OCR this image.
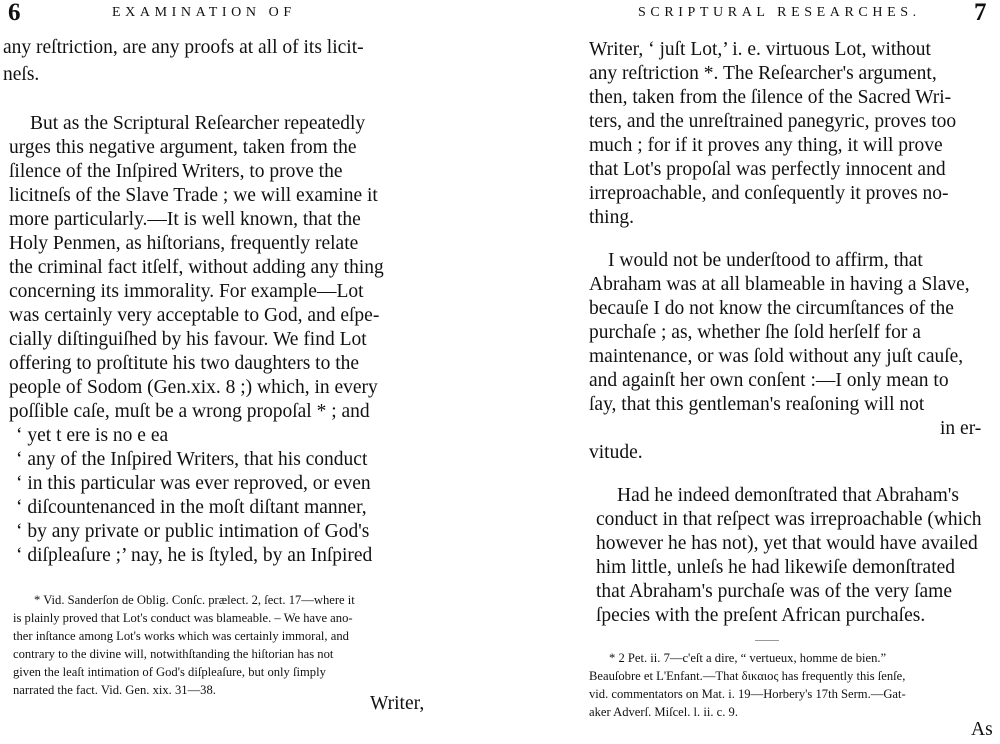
6	EXAMINATION OF
any reſtriction, are any proofs at all of its licit-
neſs.
But as the Scriptural Reſearcher repeatedly
urges this negative argument, taken from the
ſilence of the Inſpired Writers, to prove the
licitneſs of the Slave Trade ; we will examine it
more particularly.—It is well known, that the
Holy Penmen, as hiſtorians, frequently relate
the criminal fact itſelf, without adding any thing
concerning its immorality. For example—Lot
was certainly very acceptable to God, and eſpe-
cially diſtinguiſhed by his favour. We find Lot
offering to proſtitute his two daughters to the
people of Sodom (Gen.xix. 8 ;) which, in every
poſſible caſe, muſt be a wrong propoſal * ; and
‘ yet t ere is no e ea
‘ any of the Inſpired Writers, that his conduct
‘ in this particular was ever reproved, or even
‘ diſcountenanced in the moſt diſtant manner,
‘ by any private or public intimation of God's
‘ diſpleaſure ;’ nay, he is ſtyled, by an Inſpired
* Vid. Sanderſon de Oblig. Conſc. prælect. 2, ſect. 17—where it
is plainly proved that Lot's conduct was blameable. – We have ano-
ther inſtance among Lot's works which was certainly immoral, and
contrary to the divine will, notwithſtanding the hiſtorian has not
given the leaſt intimation of God's diſpleaſure, but only ſimply
narrated the fact. Vid. Gen. xix. 31—38.
Writer,
SCRIPTURAL RESEARCHES. 7
Writer, ‘ juſt Lot,’ i. e. virtuous Lot, without
any reſtriction *. The Reſearcher's argument,
then, taken from the ſilence of the Sacred Wri-
ters, and the unreſtrained panegyric, proves too
much ; for if it proves any thing, it will prove
that Lot's propoſal was perfectly innocent and
irreproachable, and conſequently it proves no-
thing.
I would not be underſtood to affirm, that
Abraham was at all blameable in having a Slave,
becauſe I do not know the circumſtances of the
purchaſe ; as, whether ſhe ſold herſelf for a
maintenance, or was ſold without any juſt cauſe,
and againſt her own conſent :—I only mean to
ſay, that this gentleman's reaſoning will not
in er-
vitude.
Had he indeed demonſtrated that Abraham's
conduct in that reſpect was irreproachable (which
however he has not), yet that would have availed
him little, unleſs he had likewiſe demonſtrated
that Abraham's purchaſe was of the very ſame
ſpecies with the preſent African purchaſes.
* 2 Pet. ii. 7—c'eſt a dire, “ vertueux, homme de bien.”
Beauſobre et L'Enfant.—That δικαιος has frequently this ſenſe,
vid. commentators on Mat. i. 19—Horbery's 17th Serm.—Gat-
aker Adverſ. Miſcel. l. ii. c. 9.
As
